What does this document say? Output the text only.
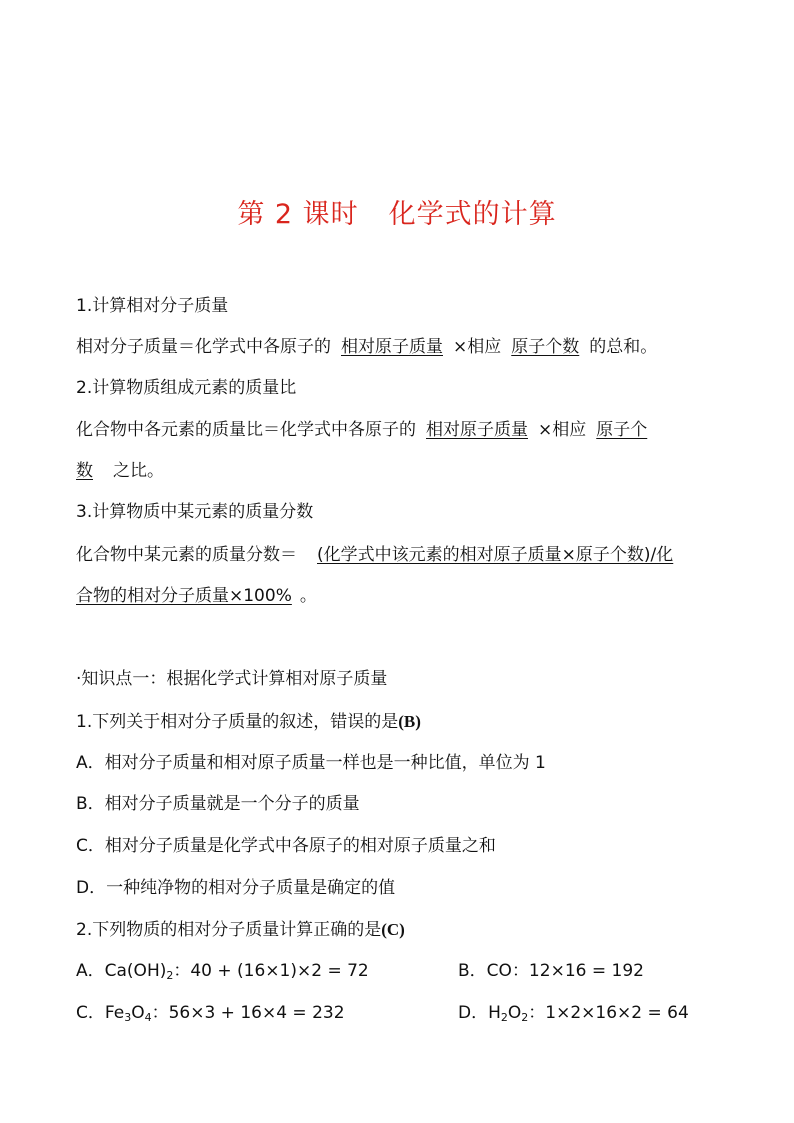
第 2 课时 化学式的计算
1.计算相对分子质量
相对分子质量＝化学式中各原子的 相对原子质量 ×相应 原子个数 的总和。
2.计算物质组成元素的质量比
化合物中各元素的质量比＝化学式中各原子的 相对原子质量 ×相应 原子个
数 之比。
3.计算物质中某元素的质量分数
化合物中某元素的质量分数＝ (化学式中该元素的相对原子质量×原子个数)/化
合物的相对分子质量×100% 。
·知识点一：根据化学式计算相对原子质量
1.下列关于相对分子质量的叙述，错误的是(B)
A．相对分子质量和相对原子质量一样也是一种比值，单位为 1
B．相对分子质量就是一个分子的质量
C．相对分子质量是化学式中各原子的相对原子质量之和
D．一种纯净物的相对分子质量是确定的值
2.下列物质的相对分子质量计算正确的是(C)
A．$Ca(OH)_2$：40 + (16×1)×2 = 72	B．CO：12×16 = 192
C．$Fe_3O_4$：56×3 + 16×4 = 232	D．$H_2O_2$：1×2×16×2 = 64
